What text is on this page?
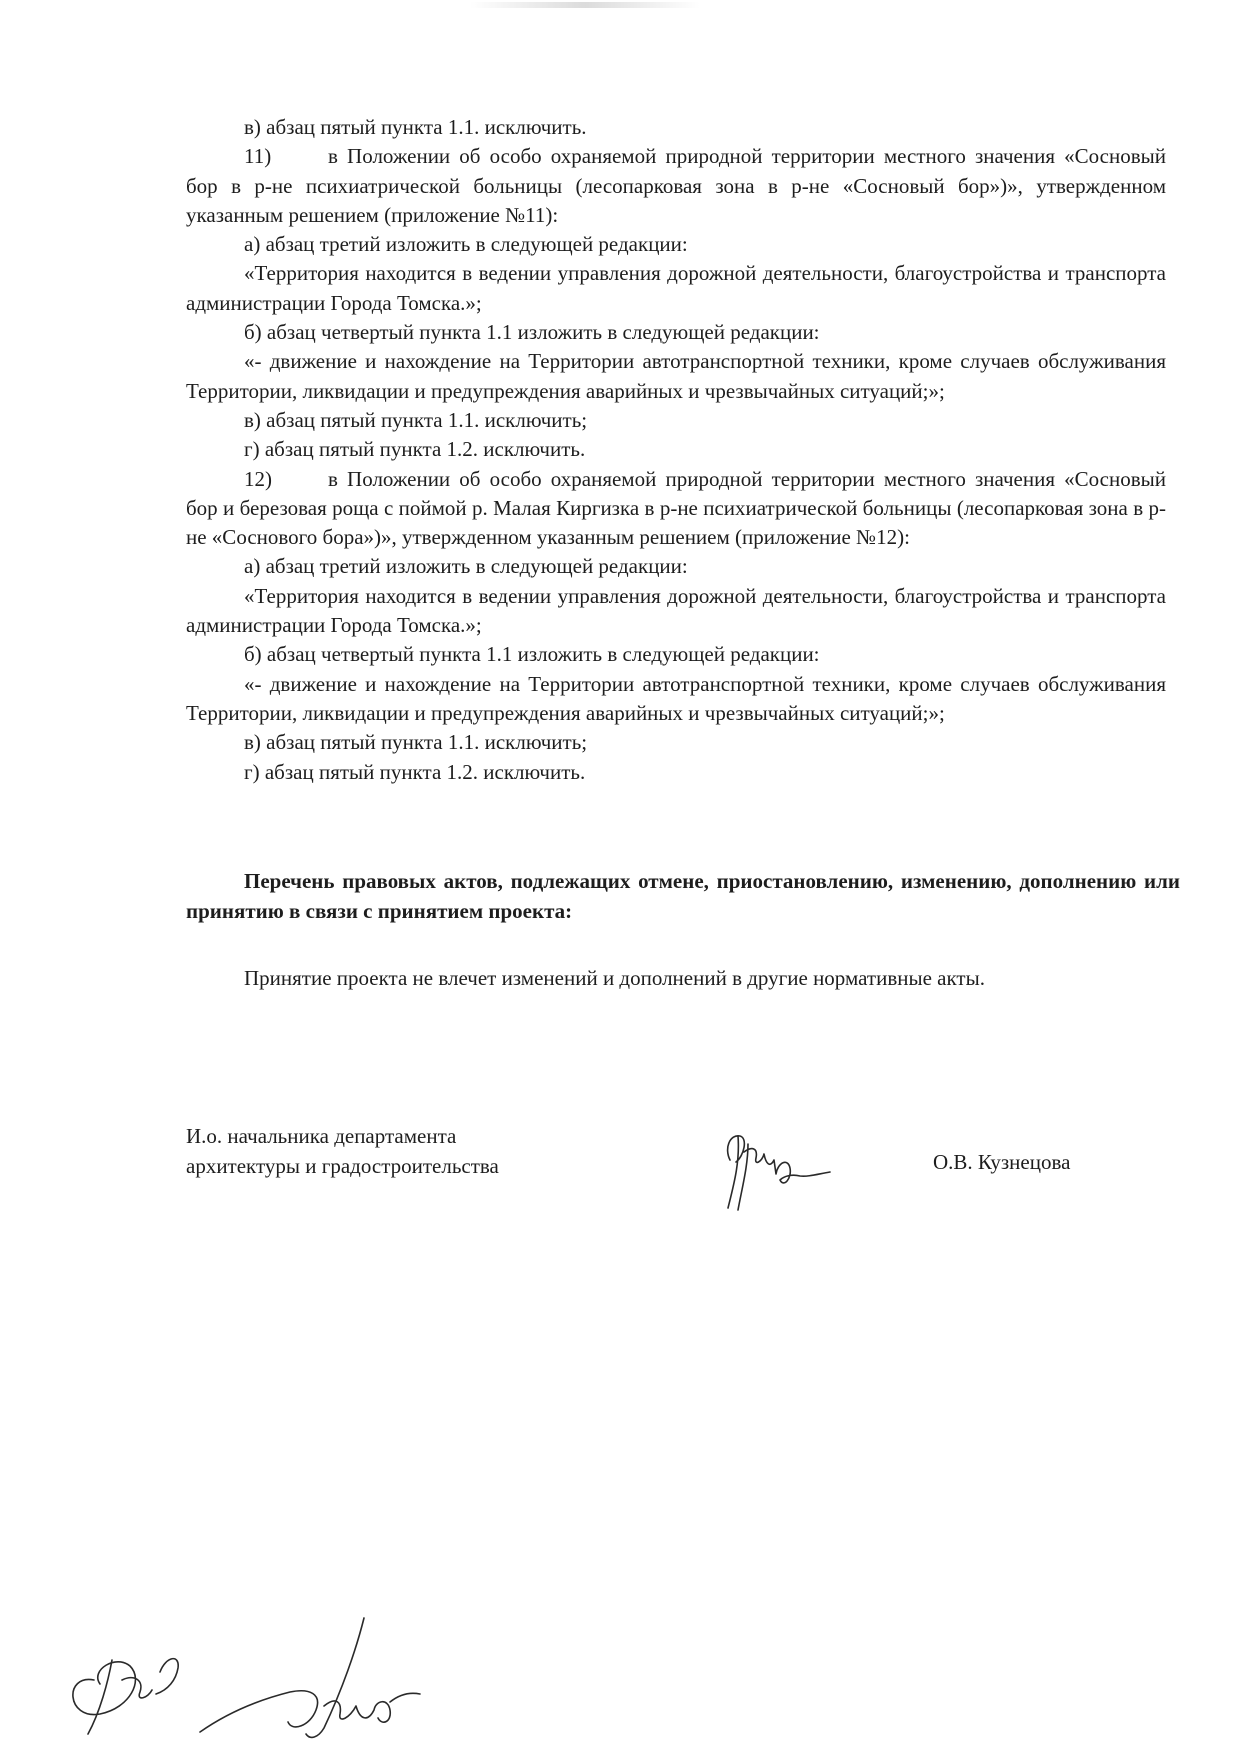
в) абзац пятый пункта 1.1. исключить.

11)	в Положении об особо охраняемой природной территории местного значения «Сосновый бор в р-не психиатрической больницы (лесопарковая зона в р-не «Сосновый бор»)», утвержденном указанным решением (приложение №11):

а) абзац третий изложить в следующей редакции:

«Территория находится в ведении управления дорожной деятельности, благоустройства и транспорта администрации Города Томска.»;

б) абзац четвертый пункта 1.1 изложить в следующей редакции:

«- движение и нахождение на Территории автотранспортной техники, кроме случаев обслуживания Территории, ликвидации и предупреждения аварийных и чрезвычайных ситуаций;»;

в) абзац пятый пункта 1.1. исключить;

г) абзац пятый пункта 1.2. исключить.

12)	в Положении об особо охраняемой природной территории местного значения «Сосновый бор и березовая роща с поймой р. Малая Киргизка в р-не психиатрической больницы (лесопарковая зона в р-не «Соснового бора»)», утвержденном указанным решением (приложение №12):

а) абзац третий изложить в следующей редакции:

«Территория находится в ведении управления дорожной деятельности, благоустройства и транспорта администрации Города Томска.»;

б) абзац четвертый пункта 1.1 изложить в следующей редакции:

«- движение и нахождение на Территории автотранспортной техники, кроме случаев обслуживания Территории, ликвидации и предупреждения аварийных и чрезвычайных ситуаций;»;

в) абзац пятый пункта 1.1. исключить;

г) абзац пятый пункта 1.2. исключить.

Перечень правовых актов, подлежащих отмене, приостановлению, изменению, дополнению или принятию в связи с принятием проекта:

Принятие проекта не влечет изменений и дополнений в другие нормативные акты.

И.о. начальника департамента
архитектуры и градостроительства	О.В. Кузнецова
